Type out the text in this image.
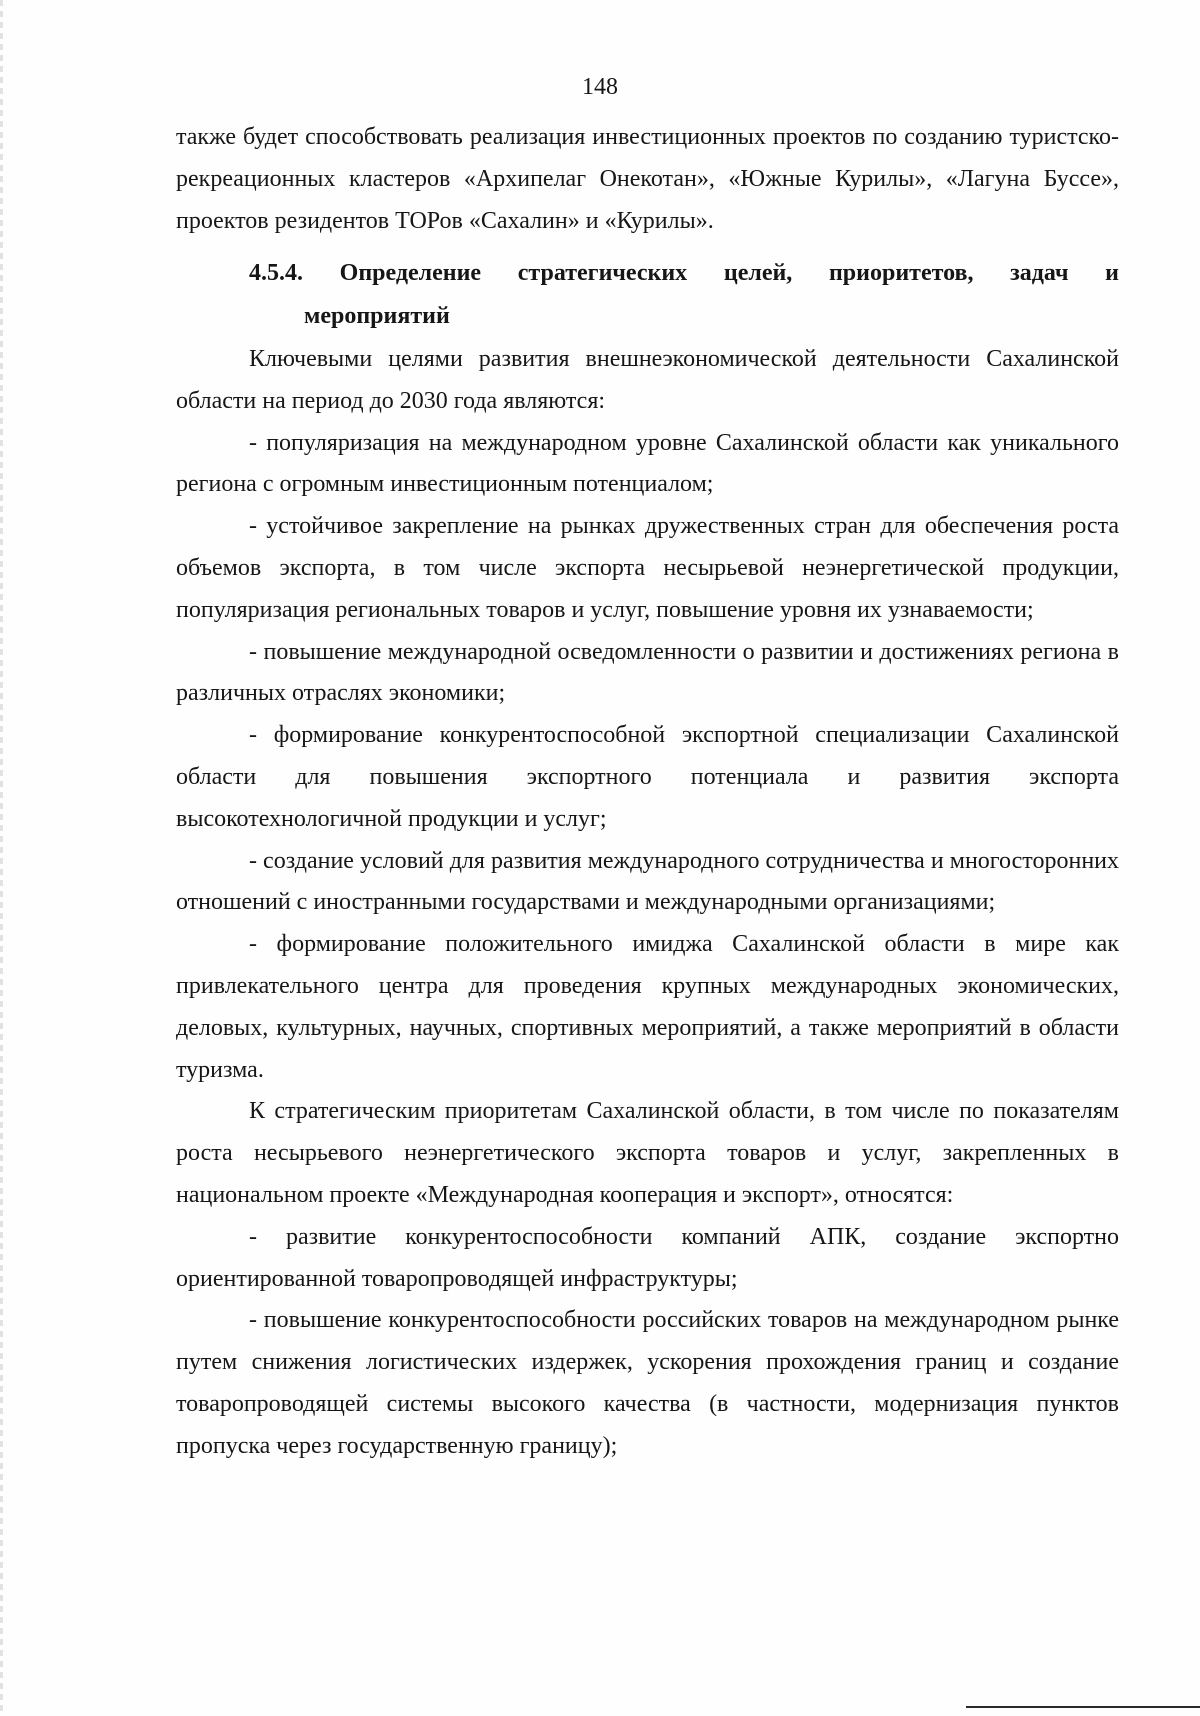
148

также будет способствовать реализация инвестиционных проектов по созданию туристско-рекреационных кластеров «Архипелаг Онекотан», «Южные Курилы», «Лагуна Буссе», проектов резидентов ТОРов «Сахалин» и «Курилы».

4.5.4. Определение стратегических целей, приоритетов, задач и
мероприятий

Ключевыми целями развития внешнеэкономической деятельности Сахалинской области на период до 2030 года являются:

- популяризация на международном уровне Сахалинской области как уникального региона с огромным инвестиционным потенциалом;

- устойчивое закрепление на рынках дружественных стран для обеспечения роста объемов экспорта, в том числе экспорта несырьевой неэнергетической продукции, популяризация региональных товаров и услуг, повышение уровня их узнаваемости;

- повышение международной осведомленности о развитии и достижениях региона в различных отраслях экономики;

- формирование конкурентоспособной экспортной специализации Сахалинской области для повышения экспортного потенциала и развития экспорта высокотехнологичной продукции и услуг;

- создание условий для развития международного сотрудничества и многосторонних отношений с иностранными государствами и международными организациями;

- формирование положительного имиджа Сахалинской области в мире как привлекательного центра для проведения крупных международных экономических, деловых, культурных, научных, спортивных мероприятий, а также мероприятий в области туризма.

К стратегическим приоритетам Сахалинской области, в том числе по показателям роста несырьевого неэнергетического экспорта товаров и услуг, закрепленных в национальном проекте «Международная кооперация и экспорт», относятся:

- развитие конкурентоспособности компаний АПК, создание экспортно ориентированной товаропроводящей инфраструктуры;

- повышение конкурентоспособности российских товаров на международном рынке путем снижения логистических издержек, ускорения прохождения границ и создание товаропроводящей системы высокого качества (в частности, модернизация пунктов пропуска через государственную границу);
